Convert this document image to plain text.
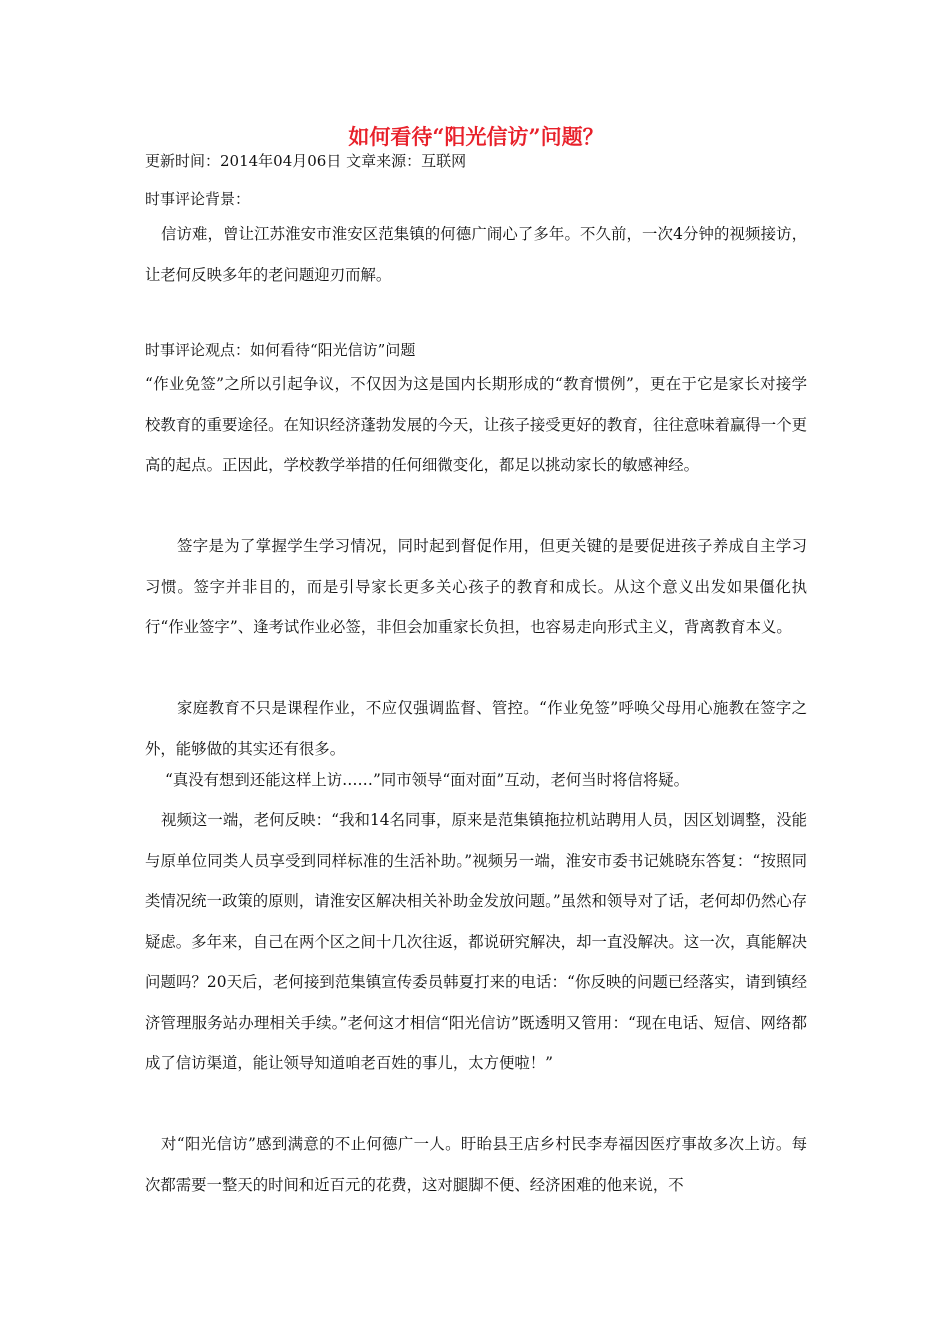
如何看待“阳光信访”问题？

更新时间：2014年04月06日 文章来源：互联网

时事评论背景：

信访难，曾让江苏淮安市淮安区范集镇的何德广闹心了多年。不久前，一次4分钟的视频接访，让老何反映多年的老问题迎刃而解。

时事评论观点：如何看待“阳光信访”问题

“作业免签”之所以引起争议，不仅因为这是国内长期形成的“教育惯例”，更在于它是家长对接学校教育的重要途径。在知识经济蓬勃发展的今天，让孩子接受更好的教育，往往意味着赢得一个更高的起点。正因此，学校教学举措的任何细微变化，都足以挑动家长的敏感神经。

签字是为了掌握学生学习情况，同时起到督促作用，但更关键的是要促进孩子养成自主学习习惯。签字并非目的，而是引导家长更多关心孩子的教育和成长。从这个意义出发如果僵化执行“作业签字”、逢考试作业必签，非但会加重家长负担，也容易走向形式主义，背离教育本义。

家庭教育不只是课程作业，不应仅强调监督、管控。“作业免签”呼唤父母用心施教在签字之外，能够做的其实还有很多。

“真没有想到还能这样上访……”同市领导“面对面”互动，老何当时将信将疑。

视频这一端，老何反映：“我和14名同事，原来是范集镇拖拉机站聘用人员，因区划调整，没能与原单位同类人员享受到同样标准的生活补助。”视频另一端，淮安市委书记姚晓东答复：“按照同类情况统一政策的原则，请淮安区解决相关补助金发放问题。”虽然和领导对了话，老何却仍然心存疑虑。多年来，自己在两个区之间十几次往返，都说研究解决，却一直没解决。这一次，真能解决问题吗？20天后，老何接到范集镇宣传委员韩夏打来的电话：“你反映的问题已经落实，请到镇经济管理服务站办理相关手续。”老何这才相信“阳光信访”既透明又管用：“现在电话、短信、网络都成了信访渠道，能让领导知道咱老百姓的事儿，太方便啦！”

对“阳光信访”感到满意的不止何德广一人。盱眙县王店乡村民李寿福因医疗事故多次上访。每次都需要一整天的时间和近百元的花费，这对腿脚不便、经济困难的他来说，不
